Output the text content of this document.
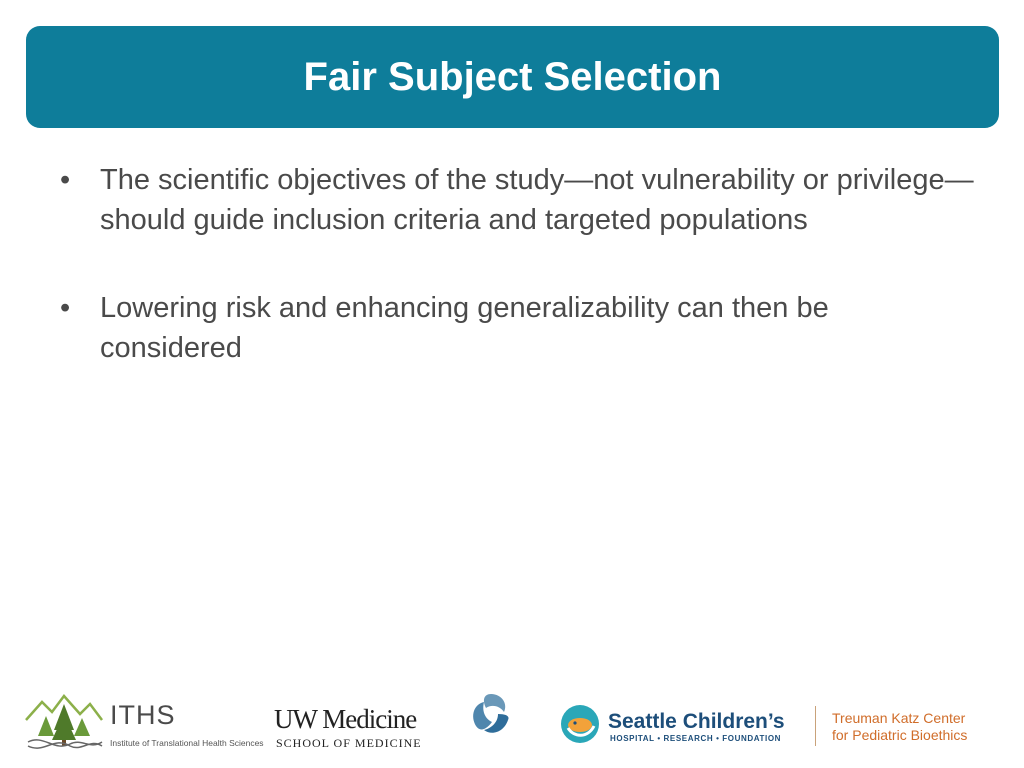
Fair Subject Selection
• The scientific objectives of the study—not vulnerability or privilege—should guide inclusion criteria and targeted populations
• Lowering risk and enhancing generalizability can then be considered
ITHS
Institute of Translational Health Sciences
UW Medicine
SCHOOL OF MEDICINE
Seattle Children’s
HOSPITAL • RESEARCH • FOUNDATION
Treuman Katz Center
for Pediatric Bioethics
